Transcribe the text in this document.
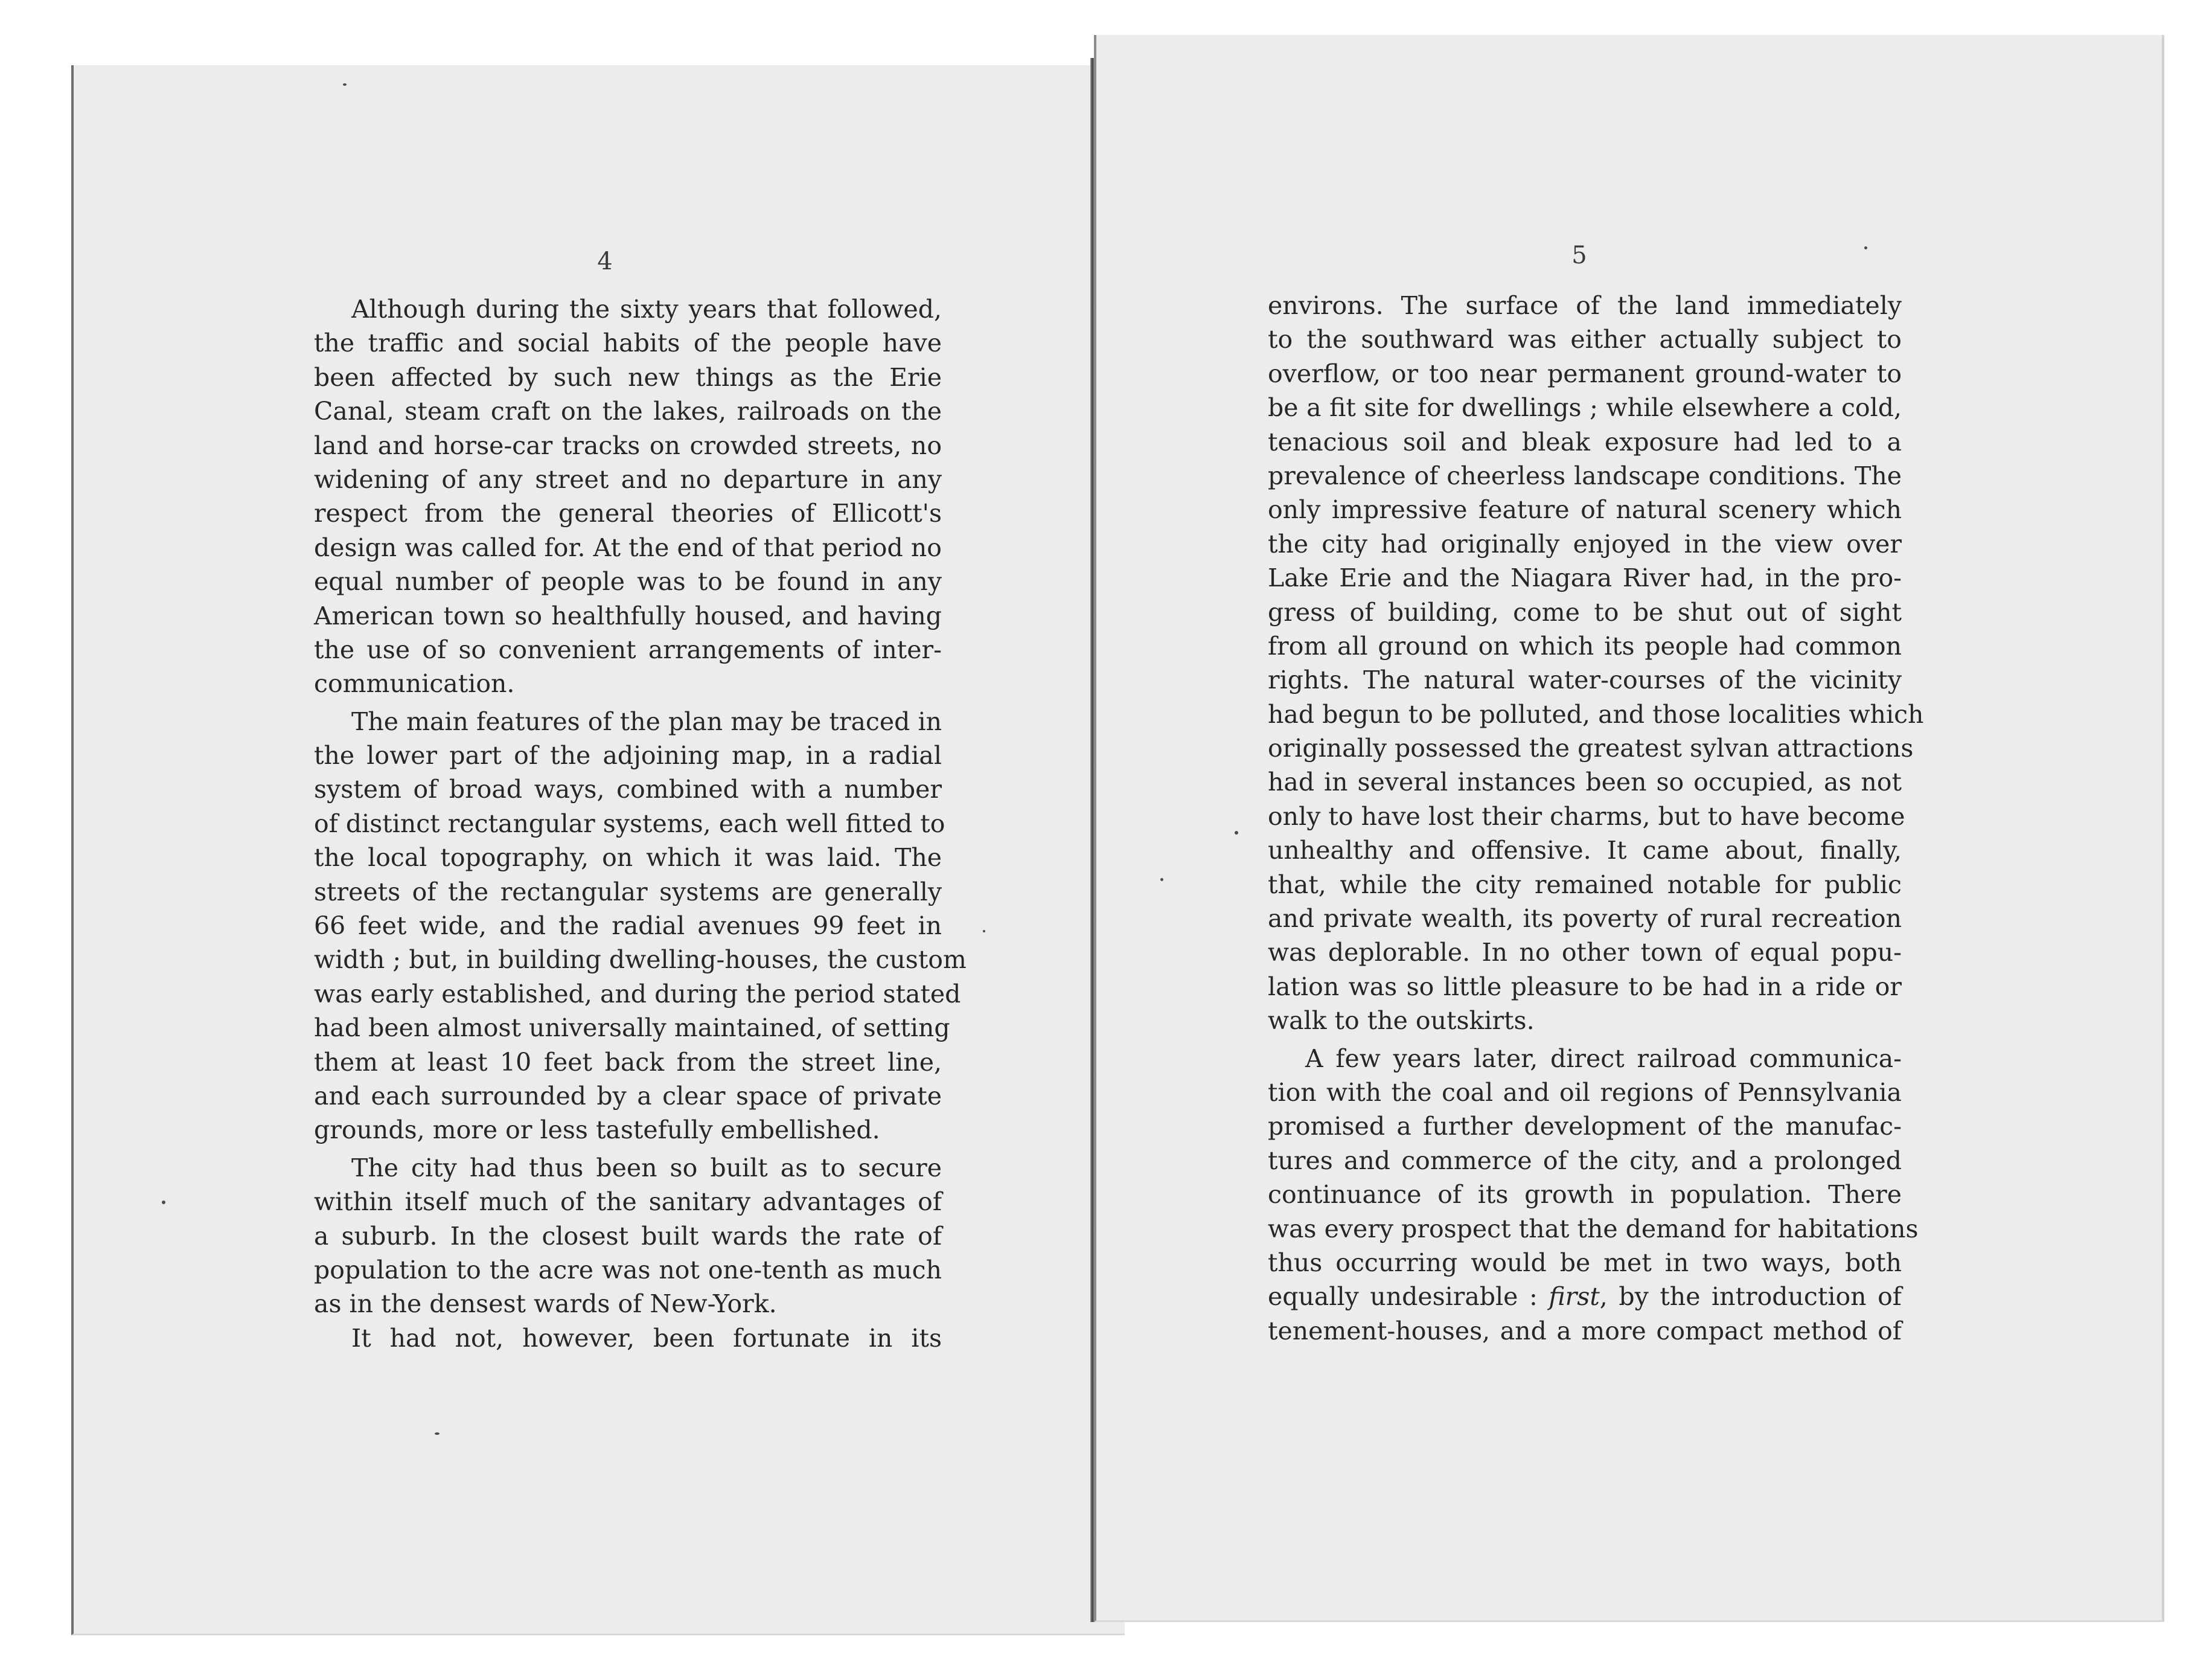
4	5
Although during the sixty years that followed,
the traffic and social habits of the people have
been affected by such new things as the Erie
Canal, steam craft on the lakes, railroads on the
land and horse-car tracks on crowded streets, no
widening of any street and no departure in any
respect from the general theories of Ellicott's
design was called for. At the end of that period no
equal number of people was to be found in any
American town so healthfully housed, and having
the use of so convenient arrangements of inter-
communication.
The main features of the plan may be traced in
the lower part of the adjoining map, in a radial
system of broad ways, combined with a number
of distinct rectangular systems, each well fitted to
the local topography, on which it was laid. The
streets of the rectangular systems are generally
66 feet wide, and the radial avenues 99 feet in
width ; but, in building dwelling-houses, the custom
was early established, and during the period stated
had been almost universally maintained, of setting
them at least 10 feet back from the street line,
and each surrounded by a clear space of private
grounds, more or less tastefully embellished.
The city had thus been so built as to secure
within itself much of the sanitary advantages of
a suburb. In the closest built wards the rate of
population to the acre was not one-tenth as much
as in the densest wards of New-York.
It had not, however, been fortunate in its
environs. The surface of the land immediately
to the southward was either actually subject to
overflow, or too near permanent ground-water to
be a fit site for dwellings ; while elsewhere a cold,
tenacious soil and bleak exposure had led to a
prevalence of cheerless landscape conditions. The
only impressive feature of natural scenery which
the city had originally enjoyed in the view over
Lake Erie and the Niagara River had, in the pro-
gress of building, come to be shut out of sight
from all ground on which its people had common
rights. The natural water-courses of the vicinity
had begun to be polluted, and those localities which
originally possessed the greatest sylvan attractions
had in several instances been so occupied, as not
only to have lost their charms, but to have become
unhealthy and offensive. It came about, finally,
that, while the city remained notable for public
and private wealth, its poverty of rural recreation
was deplorable. In no other town of equal popu-
lation was so little pleasure to be had in a ride or
walk to the outskirts.
A few years later, direct railroad communica-
tion with the coal and oil regions of Pennsylvania
promised a further development of the manufac-
tures and commerce of the city, and a prolonged
continuance of its growth in population. There
was every prospect that the demand for habitations
thus occurring would be met in two ways, both
equally undesirable : first, by the introduction of
tenement-houses, and a more compact method of
